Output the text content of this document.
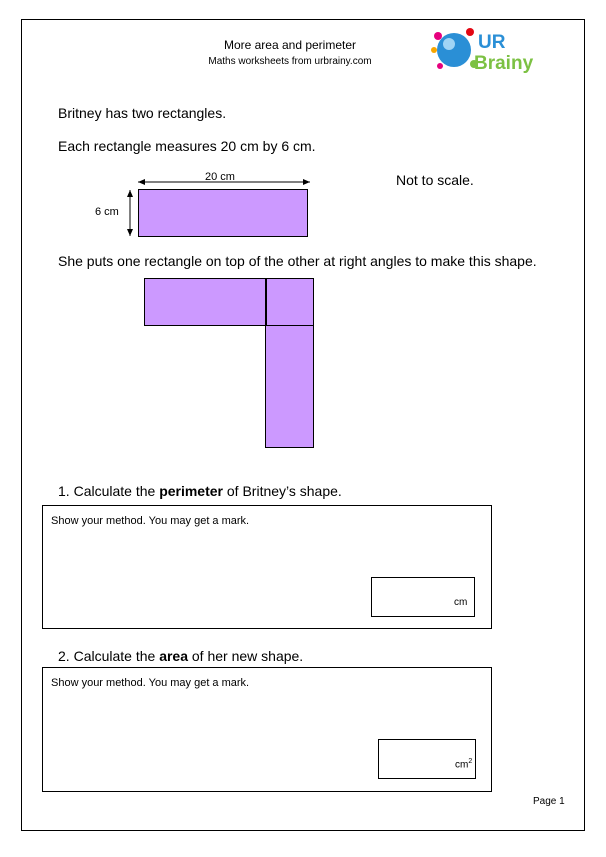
More area and perimeter
Maths worksheets from urbrainy.com
UR
Brainy
Britney has two rectangles.
Each rectangle measures 20 cm by 6 cm.
Not to scale.
20 cm
6 cm
She puts one rectangle on top of the other at right angles to make this shape.
1. Calculate the perimeter of Britney’s shape.
Show your method. You may get a mark.
cm
2. Calculate the area of her new shape.
Show your method. You may get a mark.
$cm^2$
Page 1
